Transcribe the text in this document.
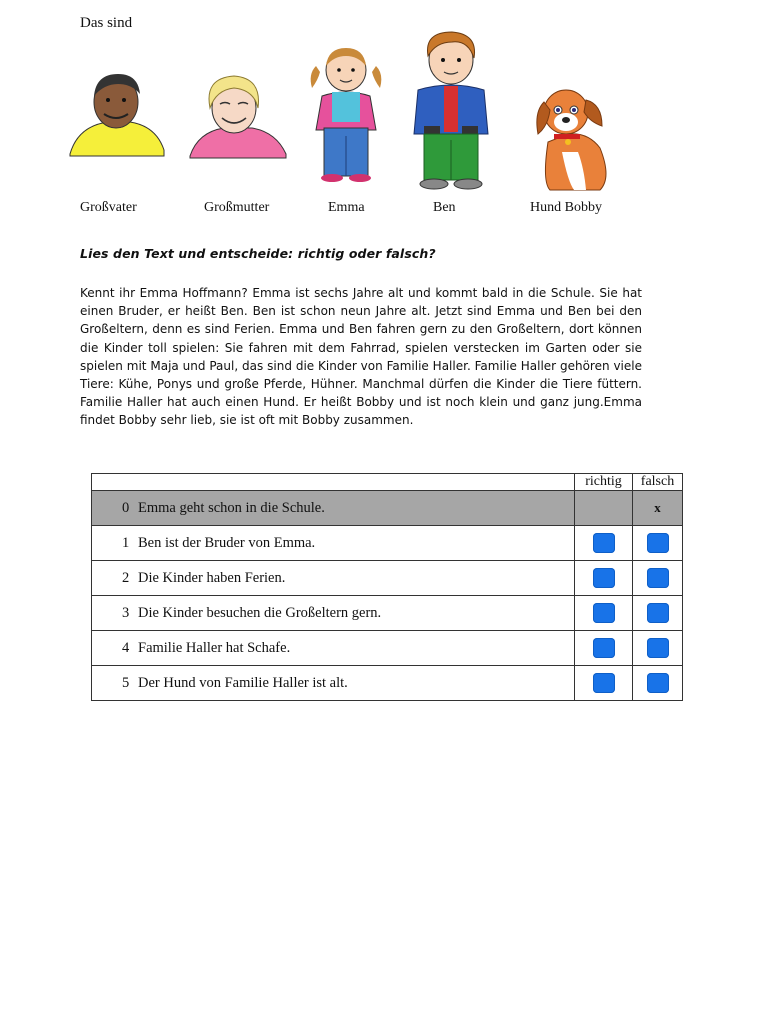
Das sind
Großvater	Großmutter	Emma	Ben	Hund Bobby
Lies den Text und entscheide: richtig oder falsch?
Kennt ihr Emma Hoffmann? Emma ist sechs Jahre alt und kommt bald in die Schule. Sie hat einen Bruder, er heißt Ben. Ben ist schon neun Jahre alt. Jetzt sind Emma und Ben bei den Großeltern, denn es sind Ferien. Emma und Ben fahren gern zu den Großeltern, dort können die Kinder toll spielen: Sie fahren mit dem Fahrrad, spielen verstecken im Garten oder sie spielen mit Maja und Paul, das sind die Kinder von Familie Haller. Familie Haller gehören viele Tiere: Kühe, Ponys und große Pferde, Hühner. Manchmal dürfen die Kinder die Tiere füttern. Familie Haller hat auch einen Hund. Er heißt Bobby und ist noch klein und ganz jung.Emma findet Bobby sehr lieb, sie ist oft mit Bobby zusammen.
	richtig	falsch
0 Emma geht schon in die Schule.		x
1 Ben ist der Bruder von Emma.		
2 Die Kinder haben Ferien.		
3 Die Kinder besuchen die Großeltern gern.		
4 Familie Haller hat Schafe.		
5 Der Hund von Familie Haller ist alt.		
